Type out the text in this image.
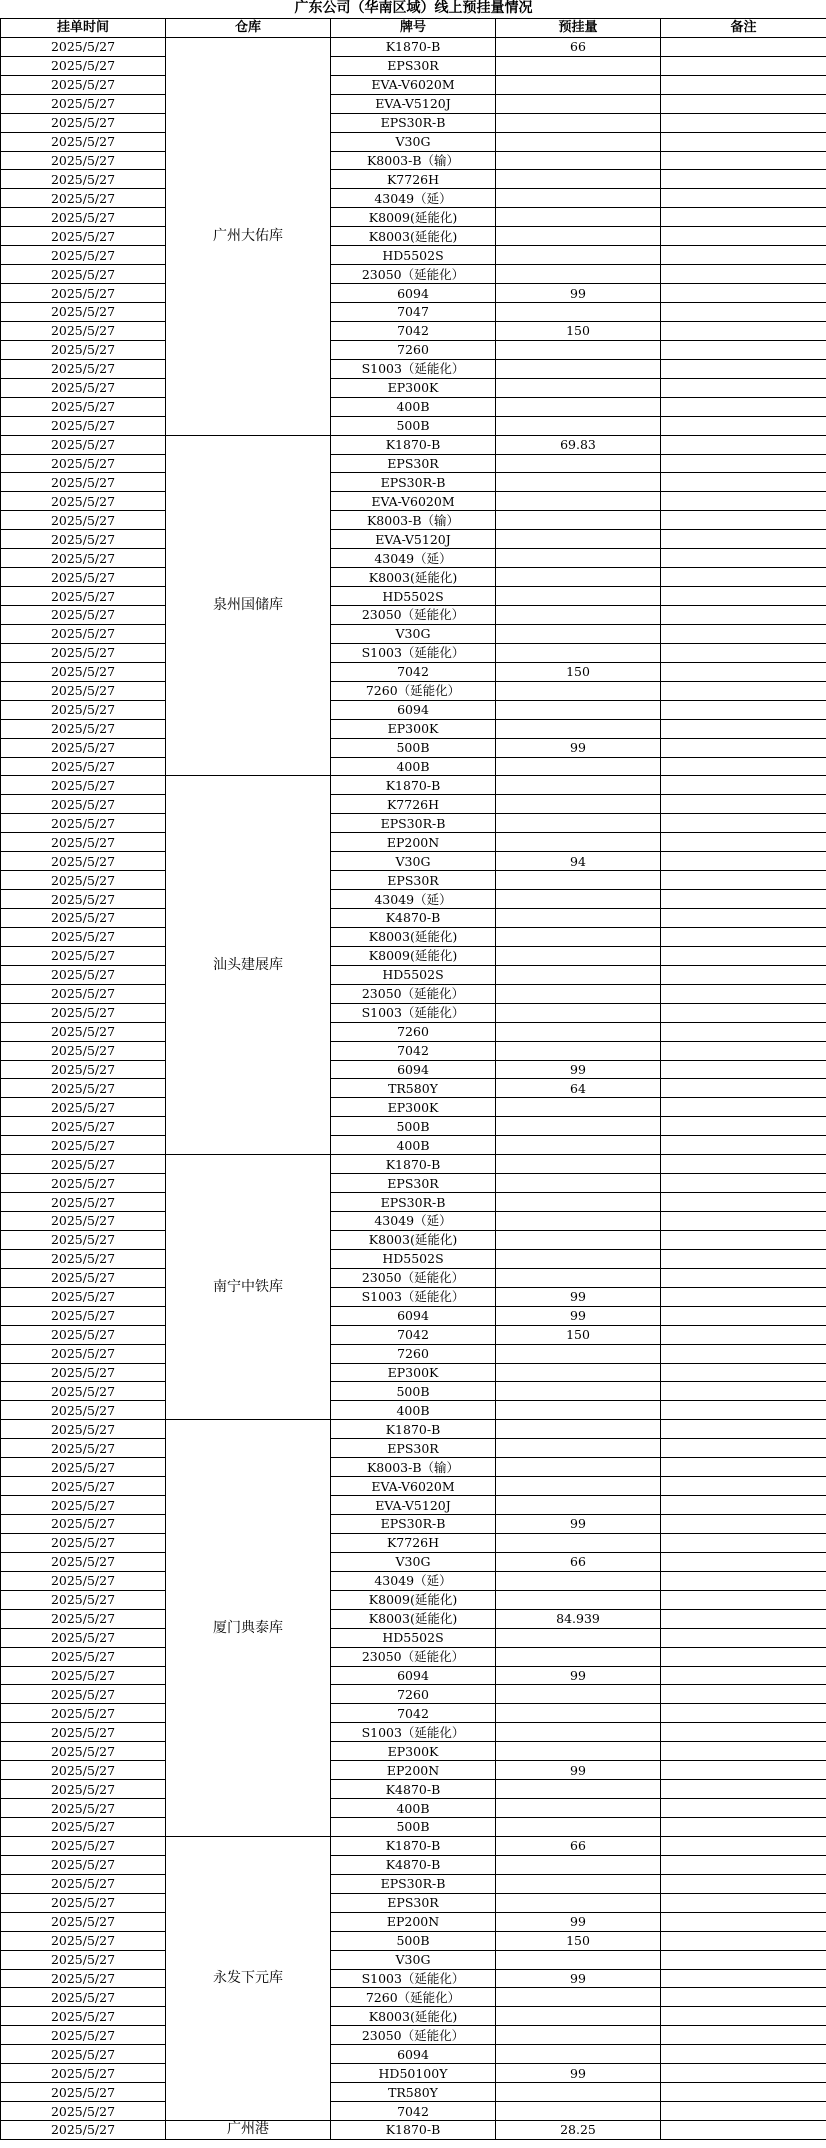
广东公司（华南区域）线上预挂量情况				
挂单时间	仓库	牌号	预挂量	备注
2025/5/27	广州大佑库	K1870-B	66	
2025/5/27		EPS30R		
2025/5/27		EVA-V6020M		
2025/5/27		EVA-V5120J		
2025/5/27		EPS30R-B		
2025/5/27		V30G		
2025/5/27		K8003-B（输）		
2025/5/27		K7726H		
2025/5/27		43049（延）		
2025/5/27		K8009(延能化)		
2025/5/27		K8003(延能化)		
2025/5/27		HD5502S		
2025/5/27		23050（延能化）		
2025/5/27		6094	99	
2025/5/27		7047		
2025/5/27		7042	150	
2025/5/27		7260		
2025/5/27		S1003（延能化）		
2025/5/27		EP300K		
2025/5/27		400B		
2025/5/27		500B		
2025/5/27	泉州国储库	K1870-B	69.83	
2025/5/27		EPS30R		
2025/5/27		EPS30R-B		
2025/5/27		EVA-V6020M		
2025/5/27		K8003-B（输）		
2025/5/27		EVA-V5120J		
2025/5/27		43049（延）		
2025/5/27		K8003(延能化)		
2025/5/27		HD5502S		
2025/5/27		23050（延能化）		
2025/5/27		V30G		
2025/5/27		S1003（延能化）		
2025/5/27		7042	150	
2025/5/27		7260（延能化）		
2025/5/27		6094		
2025/5/27		EP300K		
2025/5/27		500B	99	
2025/5/27		400B		
2025/5/27	汕头建展库	K1870-B		
2025/5/27		K7726H		
2025/5/27		EPS30R-B		
2025/5/27		EP200N		
2025/5/27		V30G	94	
2025/5/27		EPS30R		
2025/5/27		43049（延）		
2025/5/27		K4870-B		
2025/5/27		K8003(延能化)		
2025/5/27		K8009(延能化)		
2025/5/27		HD5502S		
2025/5/27		23050（延能化）		
2025/5/27		S1003（延能化）		
2025/5/27		7260		
2025/5/27		7042		
2025/5/27		6094	99	
2025/5/27		TR580Y	64	
2025/5/27		EP300K		
2025/5/27		500B		
2025/5/27		400B		
2025/5/27	南宁中铁库	K1870-B		
2025/5/27		EPS30R		
2025/5/27		EPS30R-B		
2025/5/27		43049（延）		
2025/5/27		K8003(延能化)		
2025/5/27		HD5502S		
2025/5/27		23050（延能化）		
2025/5/27		S1003（延能化）	99	
2025/5/27		6094	99	
2025/5/27		7042	150	
2025/5/27		7260		
2025/5/27		EP300K		
2025/5/27		500B		
2025/5/27		400B		
2025/5/27	厦门典泰库	K1870-B		
2025/5/27		EPS30R		
2025/5/27		K8003-B（输）		
2025/5/27		EVA-V6020M		
2025/5/27		EVA-V5120J		
2025/5/27		EPS30R-B	99	
2025/5/27		K7726H		
2025/5/27		V30G	66	
2025/5/27		43049（延）		
2025/5/27		K8009(延能化)		
2025/5/27		K8003(延能化)	84.939	
2025/5/27		HD5502S		
2025/5/27		23050（延能化）		
2025/5/27		6094	99	
2025/5/27		7260		
2025/5/27		7042		
2025/5/27		S1003（延能化）		
2025/5/27		EP300K		
2025/5/27		EP200N	99	
2025/5/27		K4870-B		
2025/5/27		400B		
2025/5/27		500B		
2025/5/27	永发下元库	K1870-B	66	
2025/5/27		K4870-B		
2025/5/27		EPS30R-B		
2025/5/27		EPS30R		
2025/5/27		EP200N	99	
2025/5/27		500B	150	
2025/5/27		V30G		
2025/5/27		S1003（延能化）	99	
2025/5/27		7260（延能化）		
2025/5/27		K8003(延能化)		
2025/5/27		23050（延能化）		
2025/5/27		6094		
2025/5/27		HD50100Y	99	
2025/5/27		TR580Y		
2025/5/27		7042		
2025/5/27	广州港	K1870-B	28.25	
